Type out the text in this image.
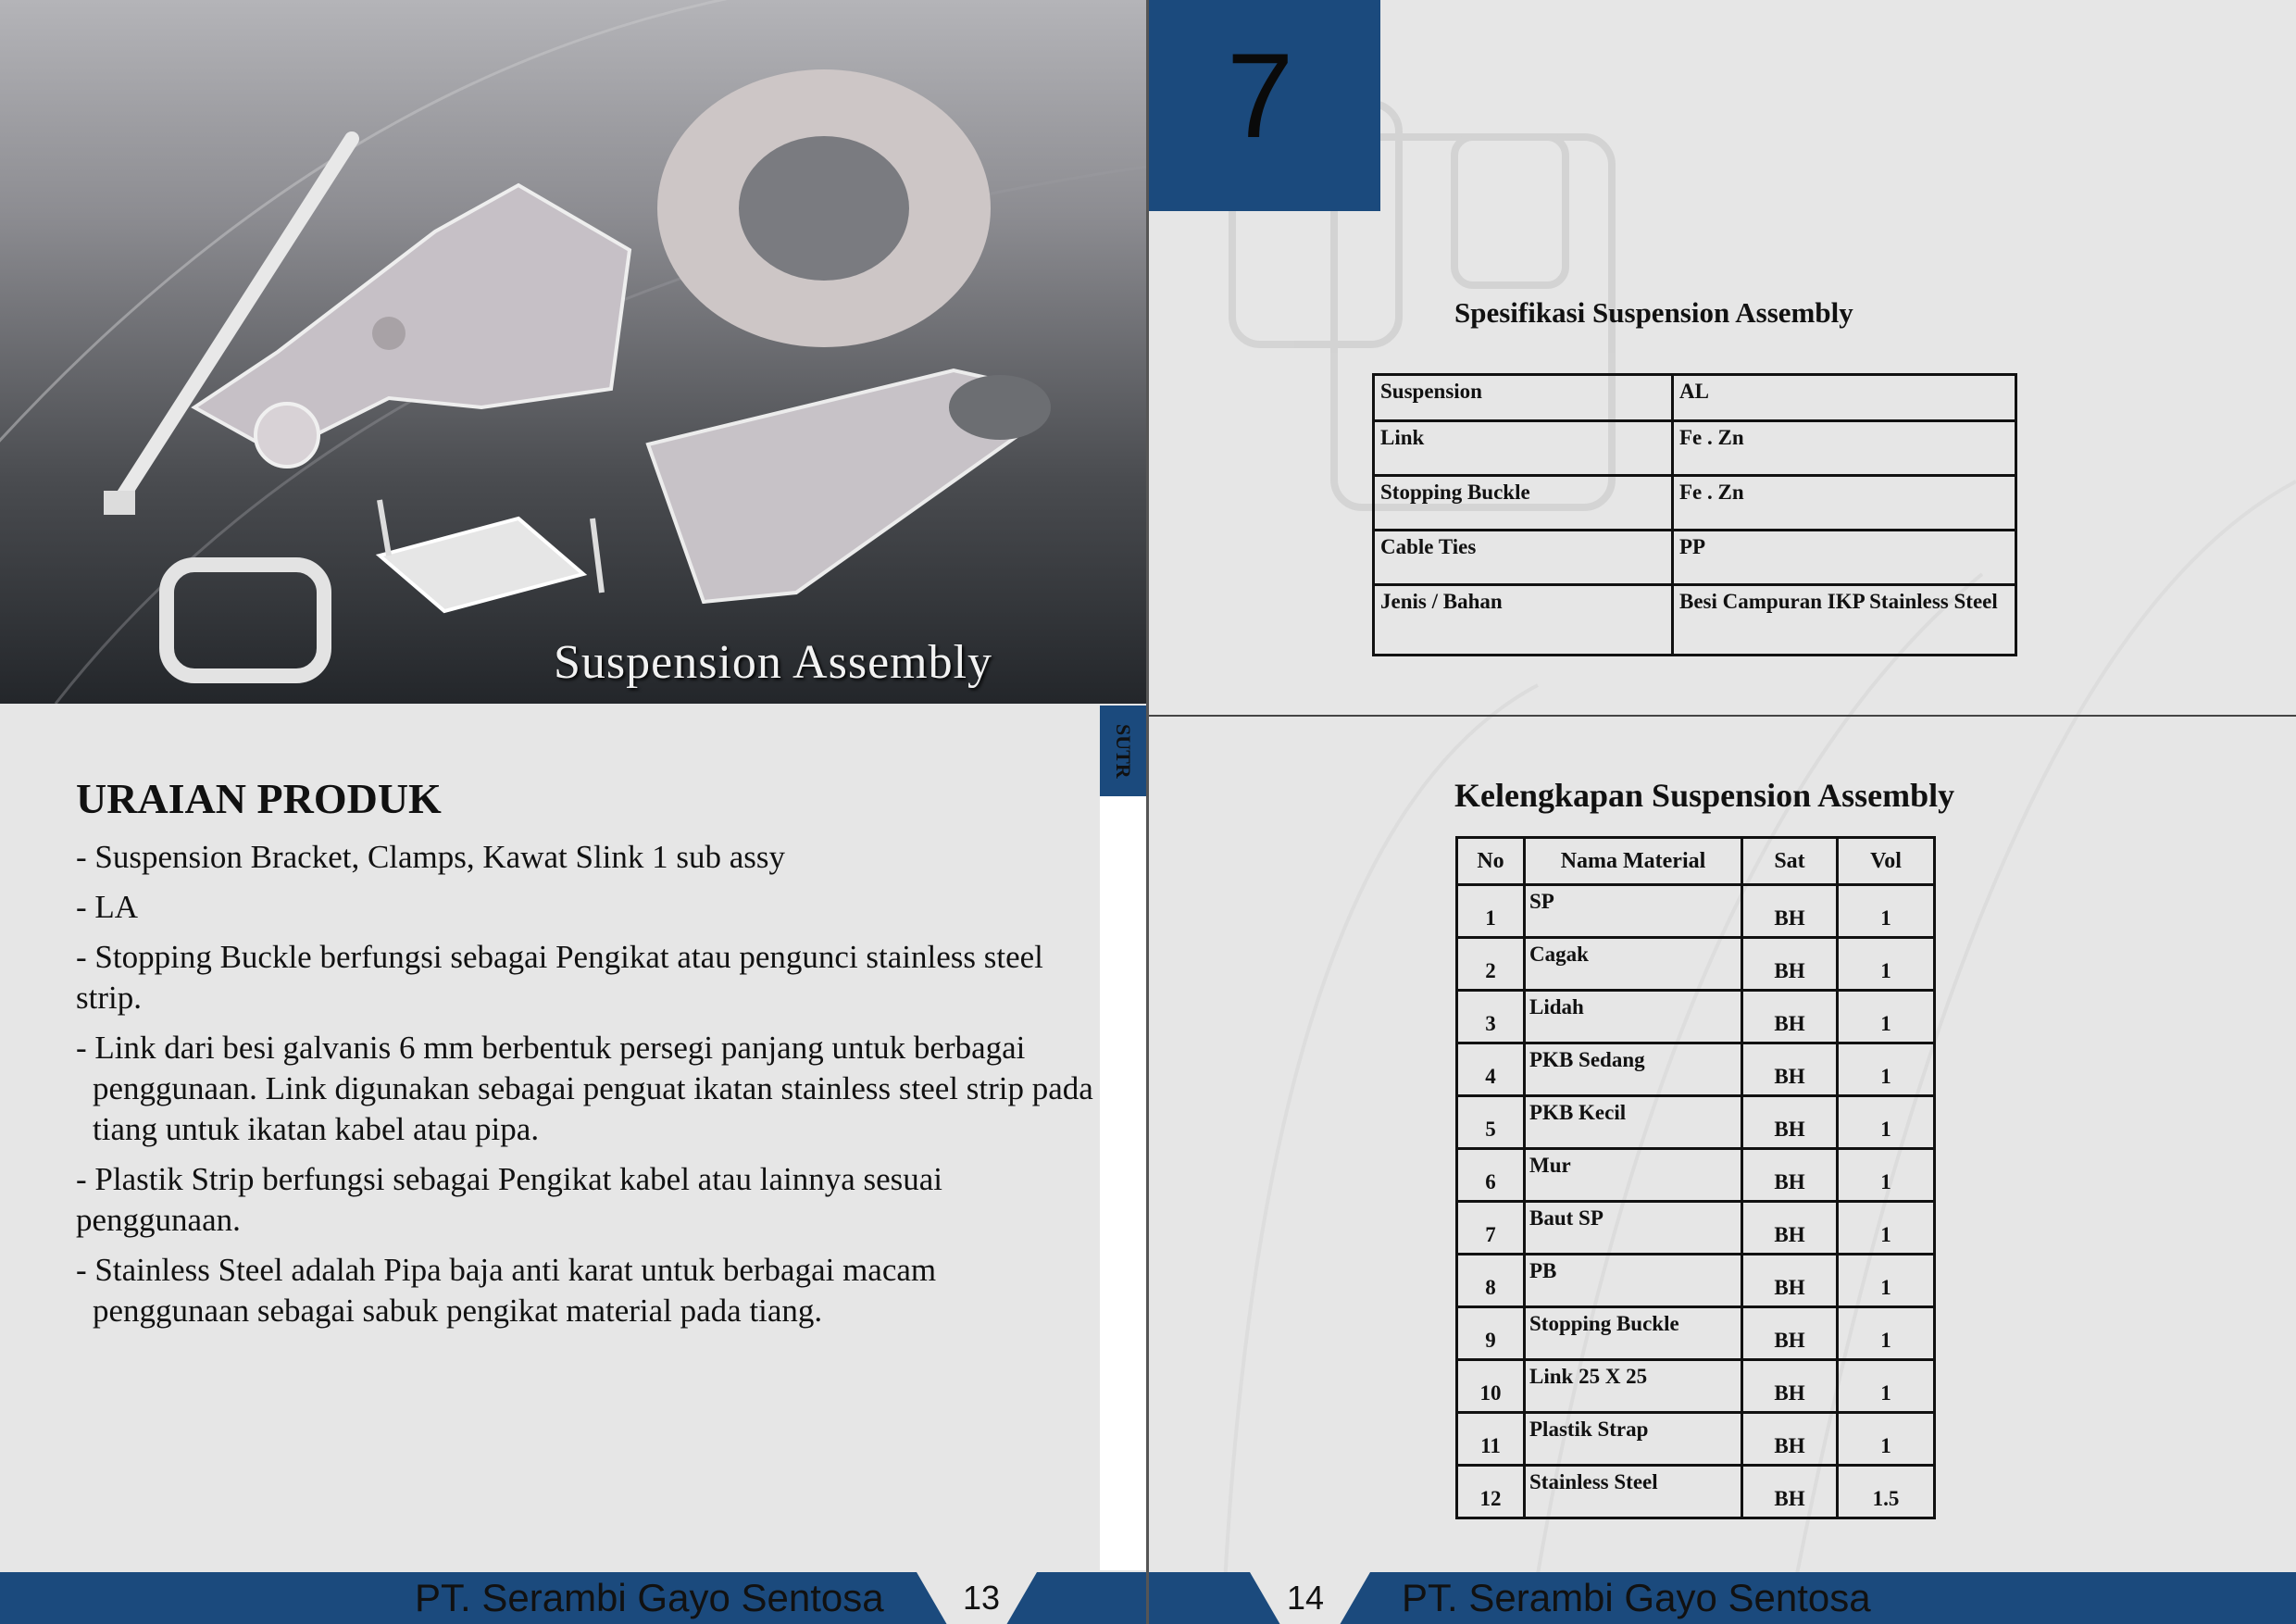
Suspension Assembly
SUTR
URAIAN PRODUK
- Suspension Bracket, Clamps, Kawat Slink 1 sub assy
- LA
- Stopping Buckle berfungsi sebagai Pengikat atau pengunci stainless steel strip.
- Link dari besi galvanis 6 mm berbentuk persegi panjang untuk berbagai penggunaan. Link digunakan sebagai penguat ikatan stainless steel strip pada tiang untuk ikatan kabel atau pipa.
- Plastik Strip berfungsi sebagai Pengikat kabel atau lainnya sesuai penggunaan.
- Stainless Steel adalah Pipa baja anti karat untuk berbagai macam penggunaan sebagai sabuk pengikat material pada tiang.
7
Spesifikasi Suspension Assembly
Suspension	AL
Link	Fe . Zn
Stopping Buckle	Fe . Zn
Cable Ties	PP
Jenis / Bahan	Besi Campuran IKP Stainless Steel
Kelengkapan Suspension Assembly
No	Nama Material	Sat	Vol
1	SP	BH	1
2	Cagak	BH	1
3	Lidah	BH	1
4	PKB Sedang	BH	1
5	PKB Kecil	BH	1
6	Mur	BH	1
7	Baut SP	BH	1
8	PB	BH	1
9	Stopping Buckle	BH	1
10	Link 25 X 25	BH	1
11	Plastik Strap	BH	1
12	Stainless Steel	BH	1.5
PT. Serambi Gayo Sentosa	13	14	PT. Serambi Gayo Sentosa
